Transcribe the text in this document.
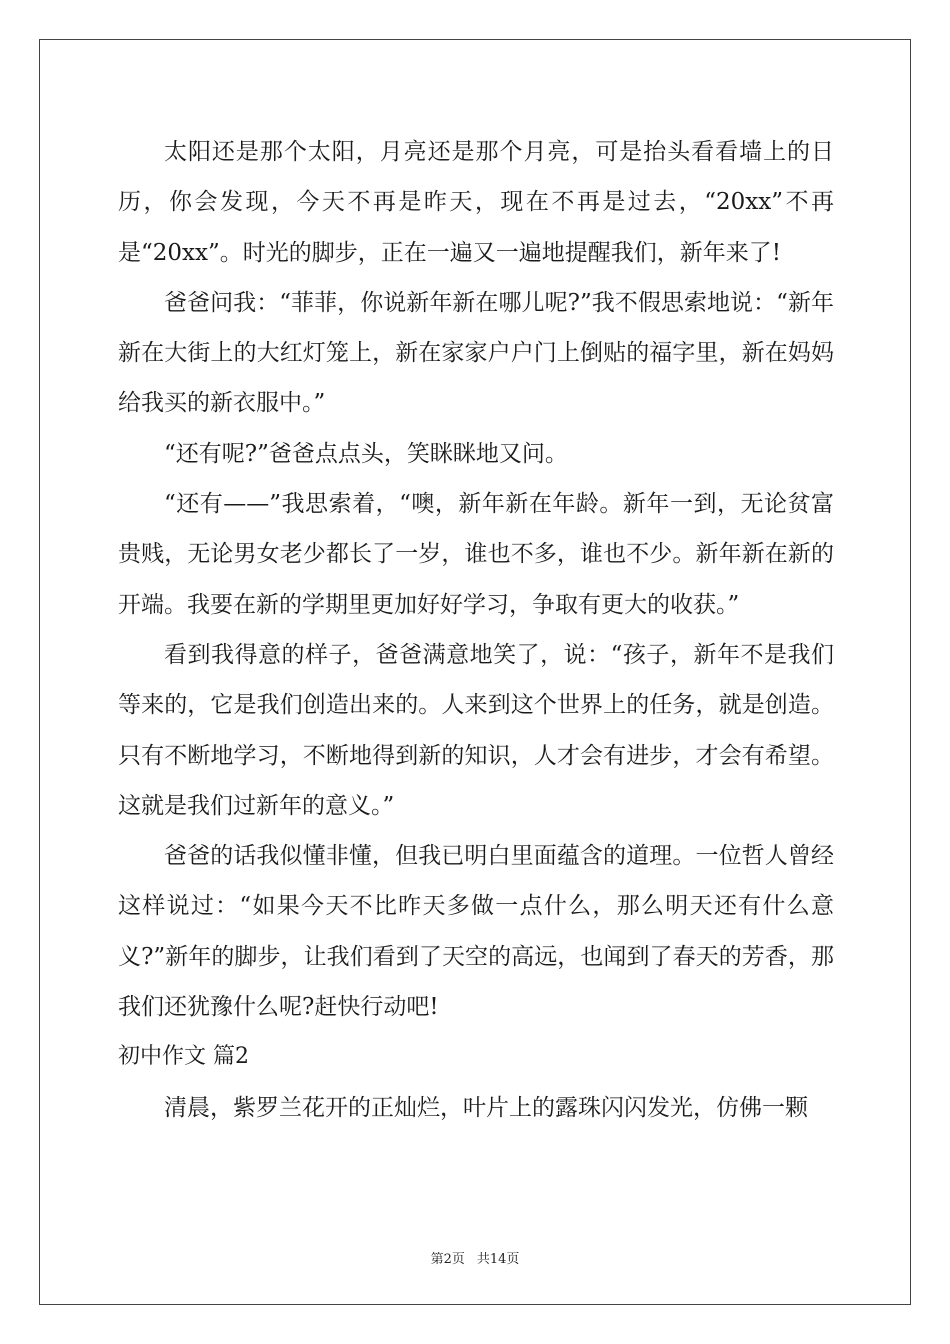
太阳还是那个太阳，月亮还是那个月亮，可是抬头看看墙上的日历，你会发现，今天不再是昨天，现在不再是过去，“20xx”不再是“20xx”。时光的脚步，正在一遍又一遍地提醒我们，新年来了!

爸爸问我：“菲菲，你说新年新在哪儿呢?”我不假思索地说：“新年新在大街上的大红灯笼上，新在家家户户门上倒贴的福字里，新在妈妈给我买的新衣服中。”

“还有呢?”爸爸点点头，笑眯眯地又问。

“还有——”我思索着，“噢，新年新在年龄。新年一到，无论贫富贵贱，无论男女老少都长了一岁，谁也不多，谁也不少。新年新在新的开端。我要在新的学期里更加好好学习，争取有更大的收获。”

看到我得意的样子，爸爸满意地笑了，说：“孩子，新年不是我们等来的，它是我们创造出来的。人来到这个世界上的任务，就是创造。只有不断地学习，不断地得到新的知识，人才会有进步，才会有希望。这就是我们过新年的意义。”

爸爸的话我似懂非懂，但我已明白里面蕴含的道理。一位哲人曾经这样说过：“如果今天不比昨天多做一点什么，那么明天还有什么意义?”新年的脚步，让我们看到了天空的高远，也闻到了春天的芳香，那我们还犹豫什么呢?赶快行动吧!

初中作文 篇2

清晨，紫罗兰花开的正灿烂，叶片上的露珠闪闪发光，仿佛一颗

第2页 共14页
